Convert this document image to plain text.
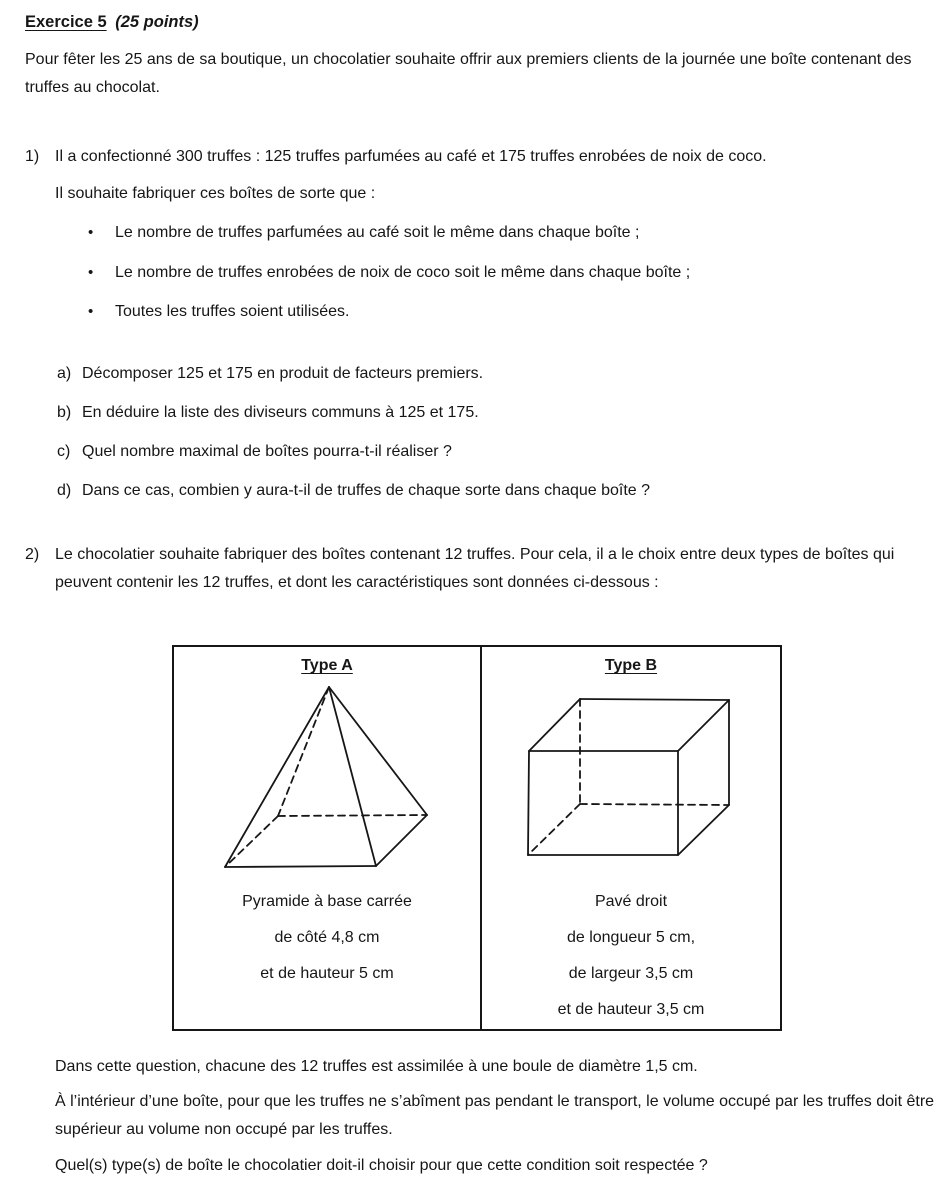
Exercice 5 (25 points)

Pour fêter les 25 ans de sa boutique, un chocolatier souhaite offrir aux premiers clients de la journée une boîte contenant des truffes au chocolat.

1) Il a confectionné 300 truffes : 125 truffes parfumées au café et 175 truffes enrobées de noix de coco.

Il souhaite fabriquer ces boîtes de sorte que :

•	Le nombre de truffes parfumées au café soit le même dans chaque boîte ;
•	Le nombre de truffes enrobées de noix de coco soit le même dans chaque boîte ;
•	Toutes les truffes soient utilisées.
a) Décomposer 125 et 175 en produit de facteurs premiers.
b) En déduire la liste des diviseurs communs à 125 et 175.
c) Quel nombre maximal de boîtes pourra-t-il réaliser ?
d) Dans ce cas, combien y aura-t-il de truffes de chaque sorte dans chaque boîte ?
2) Le chocolatier souhaite fabriquer des boîtes contenant 12 truffes. Pour cela, il a le choix entre deux types de boîtes qui peuvent contenir les 12 truffes, et dont les caractéristiques sont données ci-dessous :
Type A
Pyramide à base carrée
de côté 4,8 cm
et de hauteur 5 cm
Type B
Pavé droit
de longueur 5 cm,
de largeur 3,5 cm
et de hauteur 3,5 cm

Dans cette question, chacune des 12 truffes est assimilée à une boule de diamètre 1,5 cm.

À l’intérieur d’une boîte, pour que les truffes ne s’abîment pas pendant le transport, le volume occupé par les truffes doit être supérieur au volume non occupé par les truffes.

Quel(s) type(s) de boîte le chocolatier doit-il choisir pour que cette condition soit respectée ?
